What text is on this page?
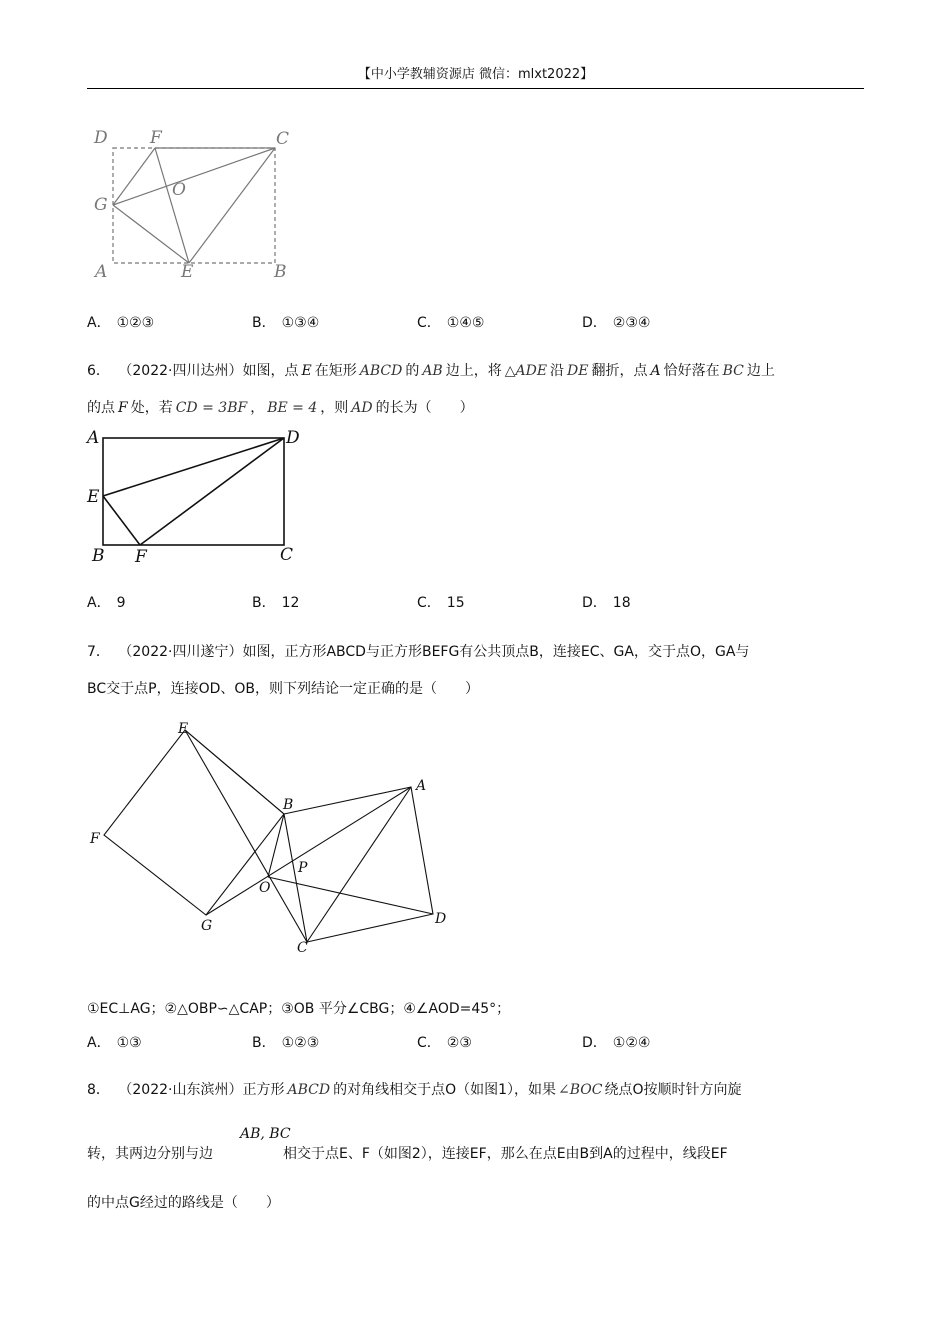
【中小学教辅资源店 微信：mlxt2022】
D F	C
G
O
A	E	B
A． ①②③	B． ①③④	C． ①④⑤	D． ②③④
6． （2022·四川达州）如图，点 E 在矩形 ABCD 的 AB 边上，将 △ADE 沿 DE 翻折，点 A 恰好落在 BC 边上
的点 F 处，若 CD = 3BF ， BE = 4 ，则 AD 的长为（　　）
A	D
E
B F	C
A． 9	B． 12	C． 15	D． 18
7． （2022·四川遂宁）如图，正方形ABCD与正方形BEFG有公共顶点B，连接EC、GA，交于点O，GA与
BC交于点P，连接OD、OB，则下列结论一定正确的是（　　）
E
A
B
F
P
O
D
G
C
①EC⊥AG；②△OBP∽△CAP；③OB 平分∠CBG；④∠AOD=45°；
A． ①③	B． ①②③	C． ②③	D． ①②④
8． （2022·山东滨州）正方形 ABCD 的对角线相交于点O（如图1），如果 ∠BOC 绕点O按顺时针方向旋
AB, BC
转，其两边分别与边	相交于点E、F（如图2），连接EF，那么在点E由B到A的过程中，线段EF
的中点G经过的路线是（　　）
